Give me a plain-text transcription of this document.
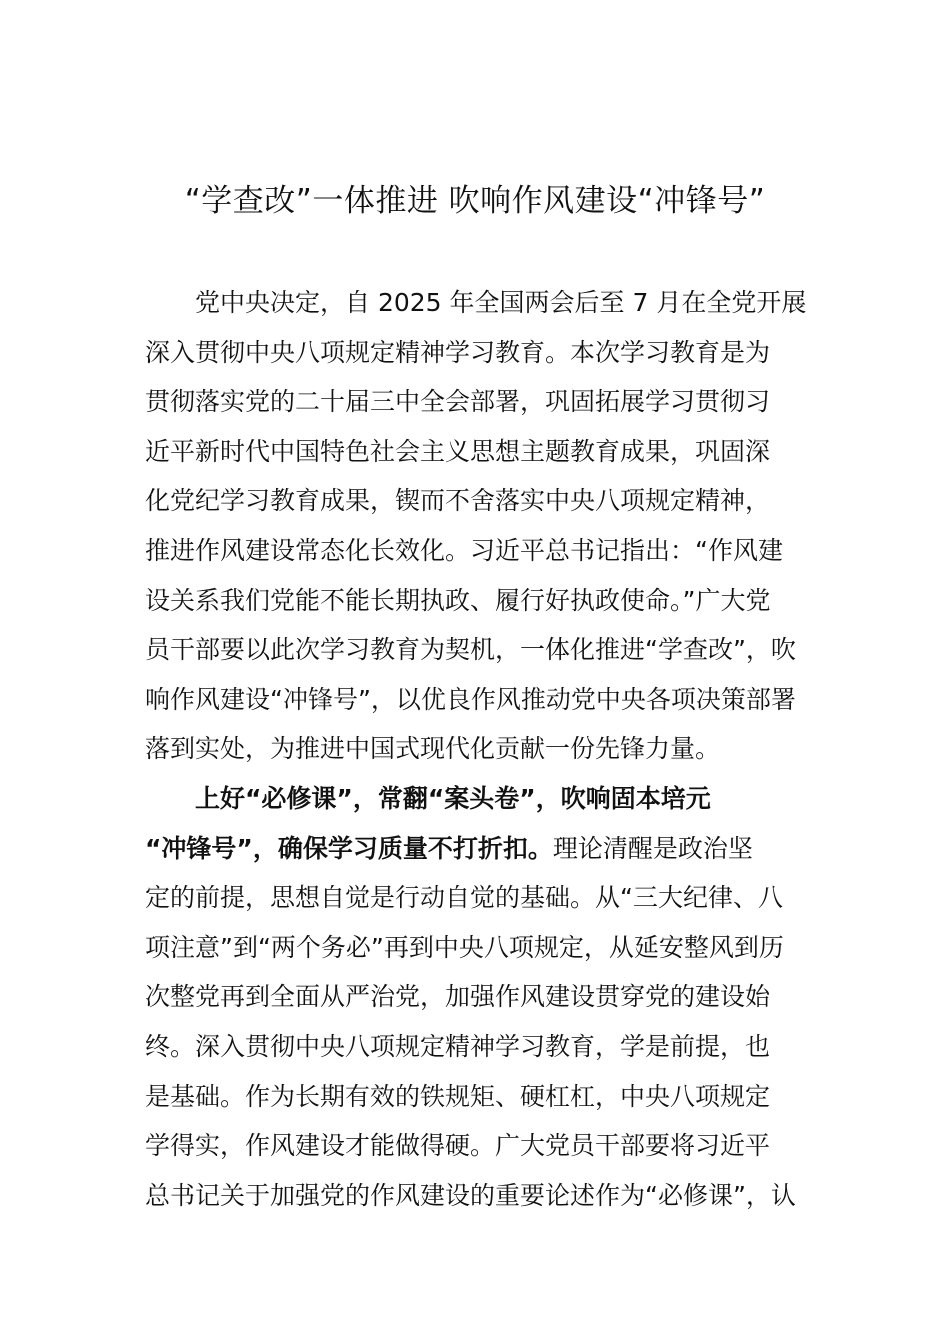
“学查改”一体推进 吹响作风建设“冲锋号”
党中央决定，自 2025 年全国两会后至 7 月在全党开展
深入贯彻中央八项规定精神学习教育。本次学习教育是为
贯彻落实党的二十届三中全会部署，巩固拓展学习贯彻习
近平新时代中国特色社会主义思想主题教育成果，巩固深
化党纪学习教育成果，锲而不舍落实中央八项规定精神，
推进作风建设常态化长效化。习近平总书记指出：“作风建
设关系我们党能不能长期执政、履行好执政使命。”广大党
员干部要以此次学习教育为契机，一体化推进“学查改”，吹
响作风建设“冲锋号”，以优良作风推动党中央各项决策部署
落到实处，为推进中国式现代化贡献一份先锋力量。
上好“必修课”，常翻“案头卷”，吹响固本培元
“冲锋号”，确保学习质量不打折扣。理论清醒是政治坚
定的前提，思想自觉是行动自觉的基础。从“三大纪律、八
项注意”到“两个务必”再到中央八项规定，从延安整风到历
次整党再到全面从严治党，加强作风建设贯穿党的建设始
终。深入贯彻中央八项规定精神学习教育，学是前提，也
是基础。作为长期有效的铁规矩、硬杠杠，中央八项规定
学得实，作风建设才能做得硬。广大党员干部要将习近平
总书记关于加强党的作风建设的重要论述作为“必修课”，认
